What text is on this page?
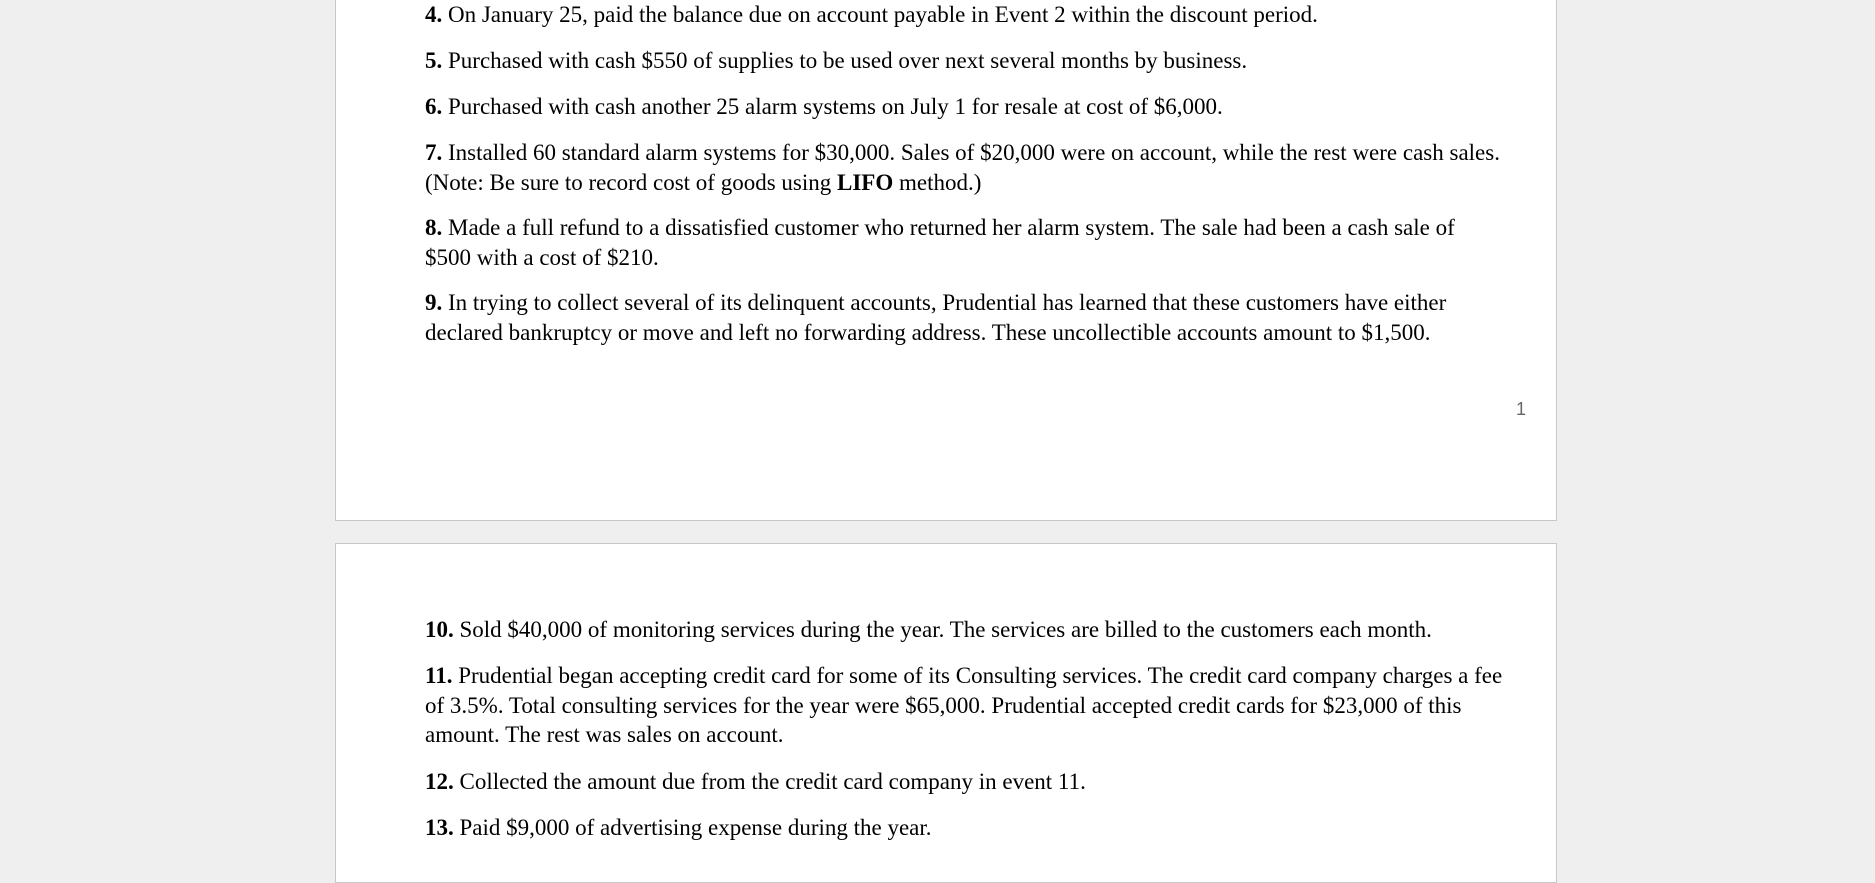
4. On January 25, paid the balance due on account payable in Event 2 within the discount period.

5. Purchased with cash $550 of supplies to be used over next several months by business.

6. Purchased with cash another 25 alarm systems on July 1 for resale at cost of $6,000.

7. Installed 60 standard alarm systems for $30,000. Sales of $20,000 were on account, while the rest were cash sales. (Note: Be sure to record cost of goods using LIFO method.)

8. Made a full refund to a dissatisfied customer who returned her alarm system. The sale had been a cash sale of $500 with a cost of $210.

9. In trying to collect several of its delinquent accounts, Prudential has learned that these customers have either declared bankruptcy or move and left no forwarding address. These uncollectible accounts amount to $1,500.

1

10. Sold $40,000 of monitoring services during the year. The services are billed to the customers each month.

11. Prudential began accepting credit card for some of its Consulting services. The credit card company charges a fee of 3.5%. Total consulting services for the year were $65,000. Prudential accepted credit cards for $23,000 of this amount. The rest was sales on account.

12. Collected the amount due from the credit card company in event 11.

13. Paid $9,000 of advertising expense during the year.
